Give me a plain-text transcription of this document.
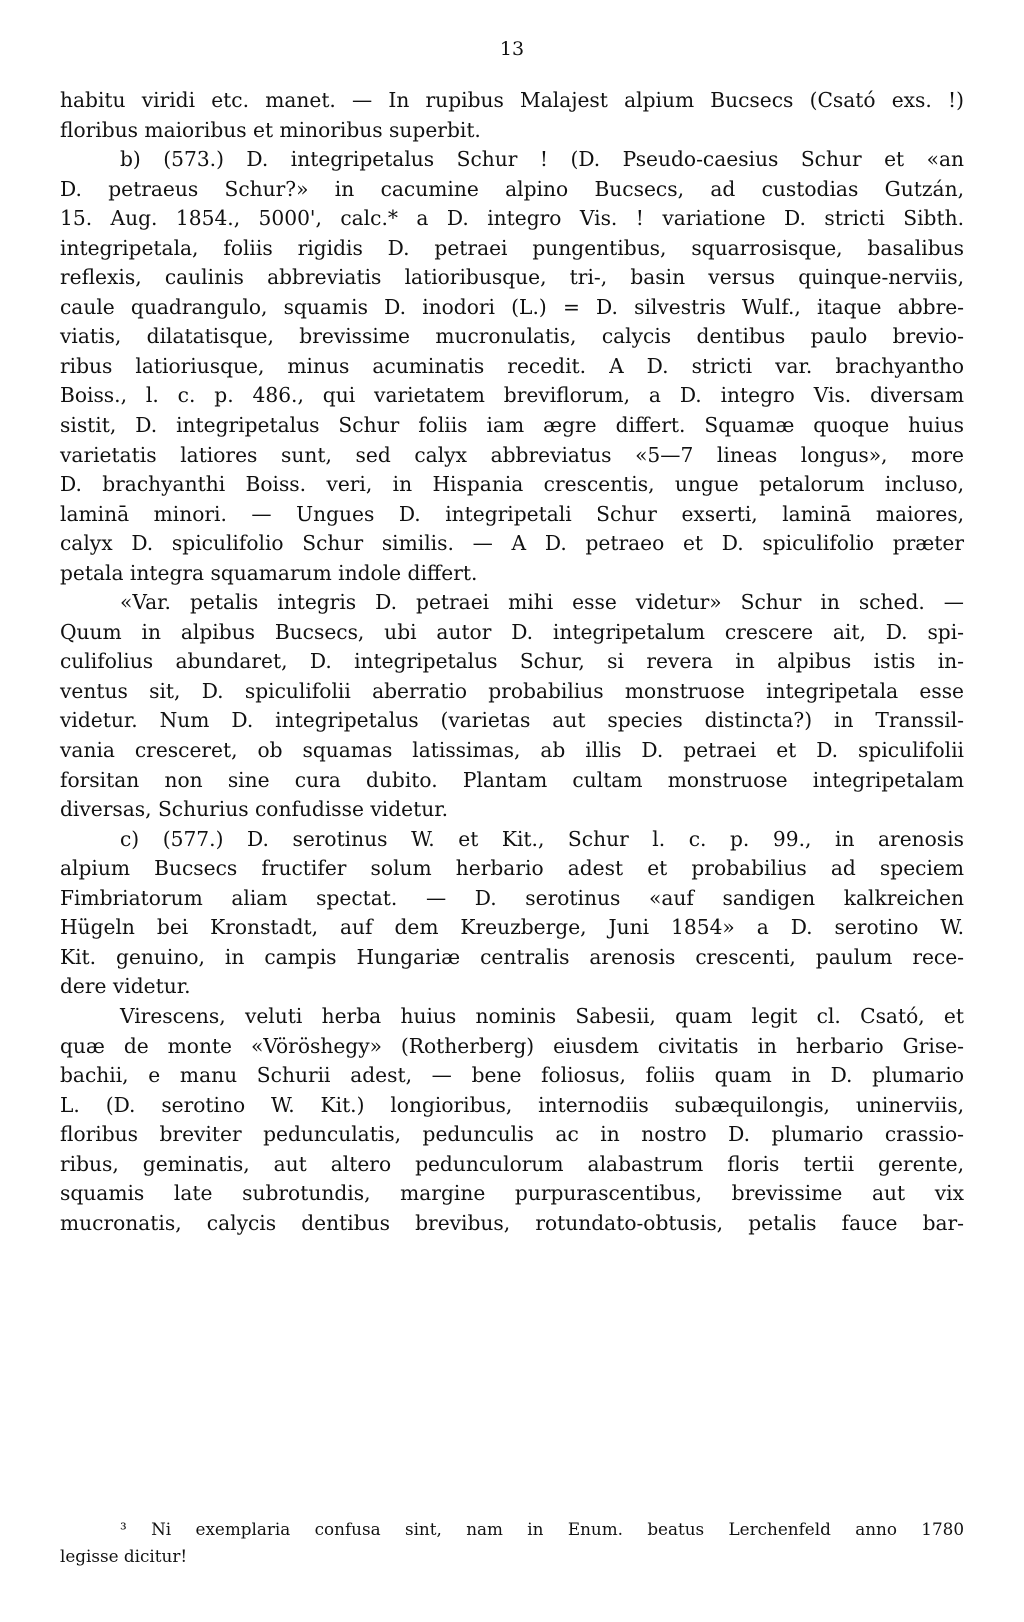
13
habitu viridi etc. manet. — In rupibus Malajest alpium Bucsecs (Csató exs. !)
floribus maioribus et minoribus superbit.
b) (573.) D. integripetalus Schur ! (D. Pseudo-caesius Schur et «an
D. petraeus Schur?» in cacumine alpino Bucsecs, ad custodias Gutzán,
15. Aug. 1854., 5000', calc.* a D. integro Vis. ! variatione D. stricti Sibth.
integripetala, foliis rigidis D. petraei pungentibus, squarrosisque, basalibus
reflexis, caulinis abbreviatis latioribusque, tri-, basin versus quinque-nerviis,
caule quadrangulo, squamis D. inodori (L.) = D. silvestris Wulf., itaque abbre-
viatis, dilatatisque, brevissime mucronulatis, calycis dentibus paulo brevio-
ribus latioriusque, minus acuminatis recedit. A D. stricti var. brachyantho
Boiss., l. c. p. 486., qui varietatem breviflorum, a D. integro Vis. diversam
sistit, D. integripetalus Schur foliis iam ægre differt. Squamæ quoque huius
varietatis latiores sunt, sed calyx abbreviatus «5—7 lineas longus», more
D. brachyanthi Boiss. veri, in Hispania crescentis, ungue petalorum incluso,
laminā minori. — Ungues D. integripetali Schur exserti, laminā maiores,
calyx D. spiculifolio Schur similis. — A D. petraeo et D. spiculifolio præter
petala integra squamarum indole differt.
«Var. petalis integris D. petraei mihi esse videtur» Schur in sched. —
Quum in alpibus Bucsecs, ubi autor D. integripetalum crescere ait, D. spi-
culifolius abundaret, D. integripetalus Schur, si revera in alpibus istis in-
ventus sit, D. spiculifolii aberratio probabilius monstruose integripetala esse
videtur. Num D. integripetalus (varietas aut species distincta?) in Transsil-
vania cresceret, ob squamas latissimas, ab illis D. petraei et D. spiculifolii
forsitan non sine cura dubito. Plantam cultam monstruose integripetalam
diversas, Schurius confudisse videtur.
c) (577.) D. serotinus W. et Kit., Schur l. c. p. 99., in arenosis
alpium Bucsecs fructifer solum herbario adest et probabilius ad speciem
Fimbriatorum aliam spectat. — D. serotinus «auf sandigen kalkreichen
Hügeln bei Kronstadt, auf dem Kreuzberge, Juni 1854» a D. serotino W.
Kit. genuino, in campis Hungariæ centralis arenosis crescenti, paulum rece-
dere videtur.
Virescens, veluti herba huius nominis Sabesii, quam legit cl. Csató, et
quæ de monte «Vöröshegy» (Rotherberg) eiusdem civitatis in herbario Grise-
bachii, e manu Schurii adest, — bene foliosus, foliis quam in D. plumario
L. (D. serotino W. Kit.) longioribus, internodiis subæquilongis, uninerviis,
floribus breviter pedunculatis, pedunculis ac in nostro D. plumario crassio-
ribus, geminatis, aut altero pedunculorum alabastrum floris tertii gerente,
squamis late subrotundis, margine purpurascentibus, brevissime aut vix
mucronatis, calycis dentibus brevibus, rotundato-obtusis, petalis fauce bar-
³ Ni exemplaria confusa sint, nam in Enum. beatus Lerchenfeld anno 1780
legisse dicitur!
